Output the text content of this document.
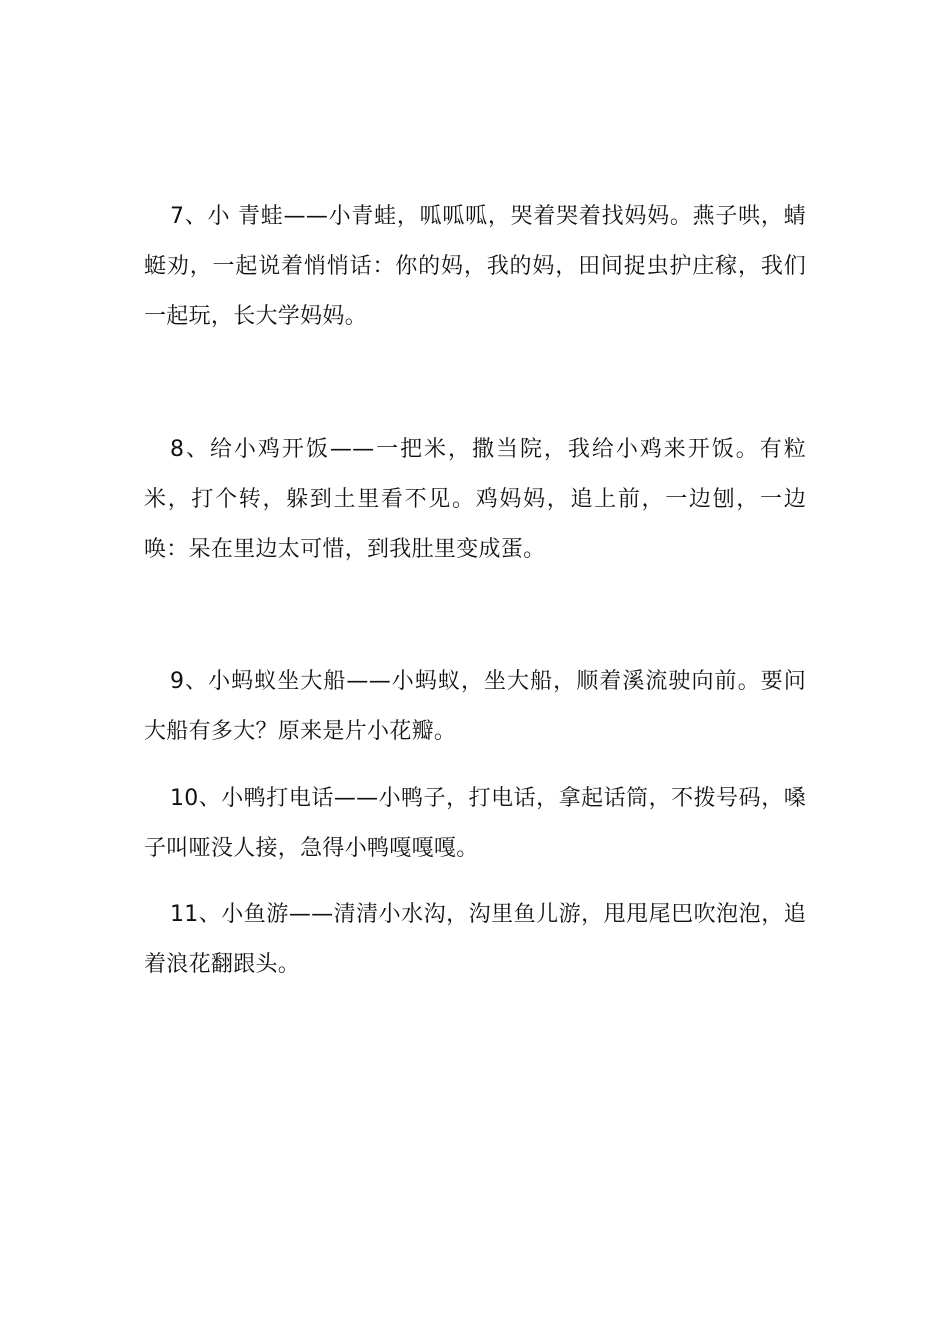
7、小 青蛙——小青蛙，呱呱呱，哭着哭着找妈妈。燕子哄，蜻蜓劝，一起说着悄悄话：你的妈，我的妈，田间捉虫护庄稼，我们一起玩，长大学妈妈。

8、给小鸡开饭——一把米，撒当院，我给小鸡来开饭。有粒米，打个转，躲到土里看不见。鸡妈妈，追上前，一边刨，一边唤：呆在里边太可惜，到我肚里变成蛋。

9、小蚂蚁坐大船——小蚂蚁，坐大船，顺着溪流驶向前。要问大船有多大？原来是片小花瓣。

10、小鸭打电话——小鸭子，打电话，拿起话筒，不拨号码，嗓子叫哑没人接，急得小鸭嘎嘎嘎。

11、小鱼游——清清小水沟，沟里鱼儿游，甩甩尾巴吹泡泡，追着浪花翻跟头。
